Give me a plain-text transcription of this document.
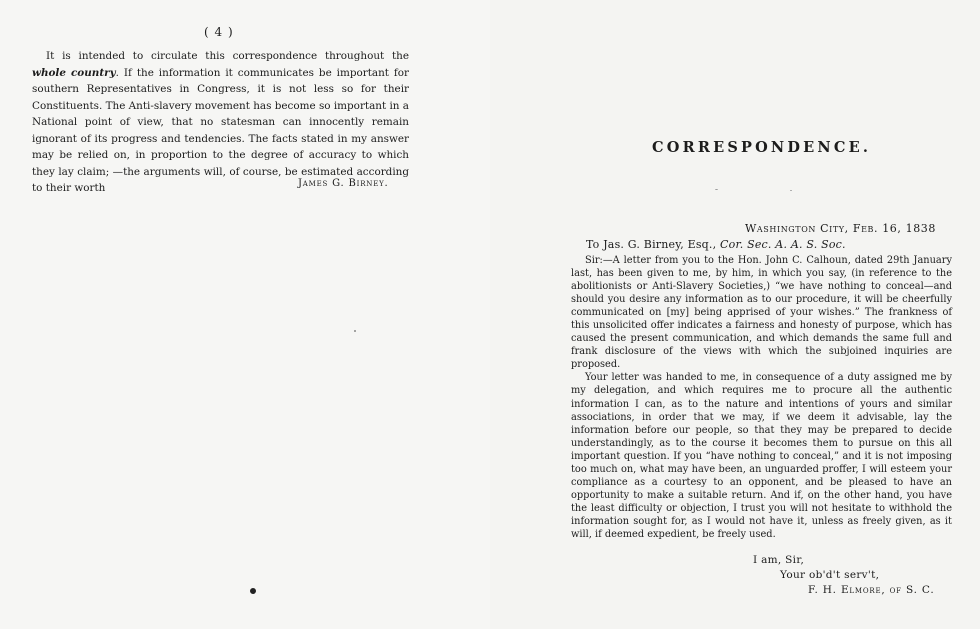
( 4 )

It is intended to circulate this correspondence throughout the whole country. If the information it communicates be important for southern Representatives in Congress, it is not less so for their Constituents. The Anti-slavery movement has become so important in a National point of view, that no statesman can innocently remain ignorant of its progress and tendencies. The facts stated in my answer may be relied on, in proportion to the degree of accuracy to which they lay claim; —the arguments will, of course, be estimated according to their worth	James G. Birney.
CORRESPONDENCE.
Washington City, Feb. 16, 1838
To Jas. G. Birney, Esq., Cor. Sec. A. A. S. Soc.

Sir:—A letter from you to the Hon. John C. Calhoun, dated 29th January last, has been given to me, by him, in which you say, (in reference to the abolitionists or Anti-Slavery Societies,) “we have nothing to conceal—and should you desire any information as to our procedure, it will be cheerfully communicated on [my] being apprised of your wishes.” The frankness of this unsolicited offer indicates a fairness and honesty of purpose, which has caused the present communication, and which demands the same full and frank disclosure of the views with which the subjoined inquiries are proposed.

Your letter was handed to me, in consequence of a duty assigned me by my delegation, and which requires me to procure all the authentic information I can, as to the nature and intentions of yours and similar associations, in order that we may, if we deem it advisable, lay the information before our people, so that they may be prepared to decide understandingly, as to the course it becomes them to pursue on this all important question. If you “have nothing to conceal,” and it is not imposing too much on, what may have been, an unguarded proffer, I will esteem your compliance as a courtesy to an opponent, and be pleased to have an opportunity to make a suitable return. And if, on the other hand, you have the least difficulty or objection, I trust you will not hesitate to withhold the information sought for, as I would not have it, unless as freely given, as it will, if deemed expedient, be freely used.

I am, Sir,
Your ob'd't serv't,
F. H. Elmore, of S. C.
